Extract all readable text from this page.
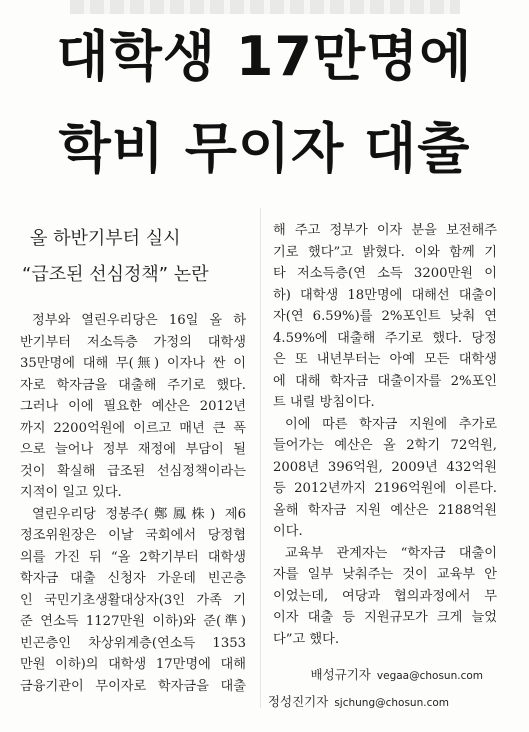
대학생 17만명에
학비 무이자 대출
올 하반기부터 실시
“급조된 선심정책” 논란
정부와 열린우리당은 16일 올 하
반기부터 저소득층 가정의 대학생
35만명에 대해 무(無) 이자나 싼 이
자로 학자금을 대출해 주기로 했다.
그러나 이에 필요한 예산은 2012년
까지 2200억원에 이르고 매년 큰 폭
으로 늘어나 정부 재정에 부담이 될
것이 확실해 급조된 선심정책이라는
지적이 일고 있다.
열린우리당 정봉주(鄭鳳株) 제6
정조위원장은 이날 국회에서 당정협
의를 가진 뒤 “올 2학기부터 대학생
학자금 대출 신청자 가운데 빈곤층
인 국민기초생활대상자(3인 가족 기
준 연소득 1127만원 이하)와 준(準)
빈곤층인 차상위계층(연소득 1353
만원 이하)의 대학생 17만명에 대해
금융기관이 무이자로 학자금을 대출
해 주고 정부가 이자 분을 보전해주
기로 했다”고 밝혔다. 이와 함께 기
타 저소득층(연 소득 3200만원 이
하) 대학생 18만명에 대해선 대출이
자(연 6.59%)를 2%포인트 낮춰 연
4.59%에 대출해 주기로 했다. 당정
은 또 내년부터는 아예 모든 대학생
에 대해 학자금 대출이자를 2%포인
트 내릴 방침이다.
이에 따른 학자금 지원에 추가로
들어가는 예산은 올 2학기 72억원,
2008년 396억원, 2009년 432억원
등 2012년까지 2196억원에 이른다.
올해 학자금 지원 예산은 2188억원
이다.
교육부 관계자는 “학자금 대출이
자를 일부 낮춰주는 것이 교육부 안
이었는데, 여당과 협의과정에서 무
이자 대출 등 지원규모가 크게 늘었
다”고 했다.
배성규기자 vegaa@chosun.com
정성진기자 sjchung@chosun.com
